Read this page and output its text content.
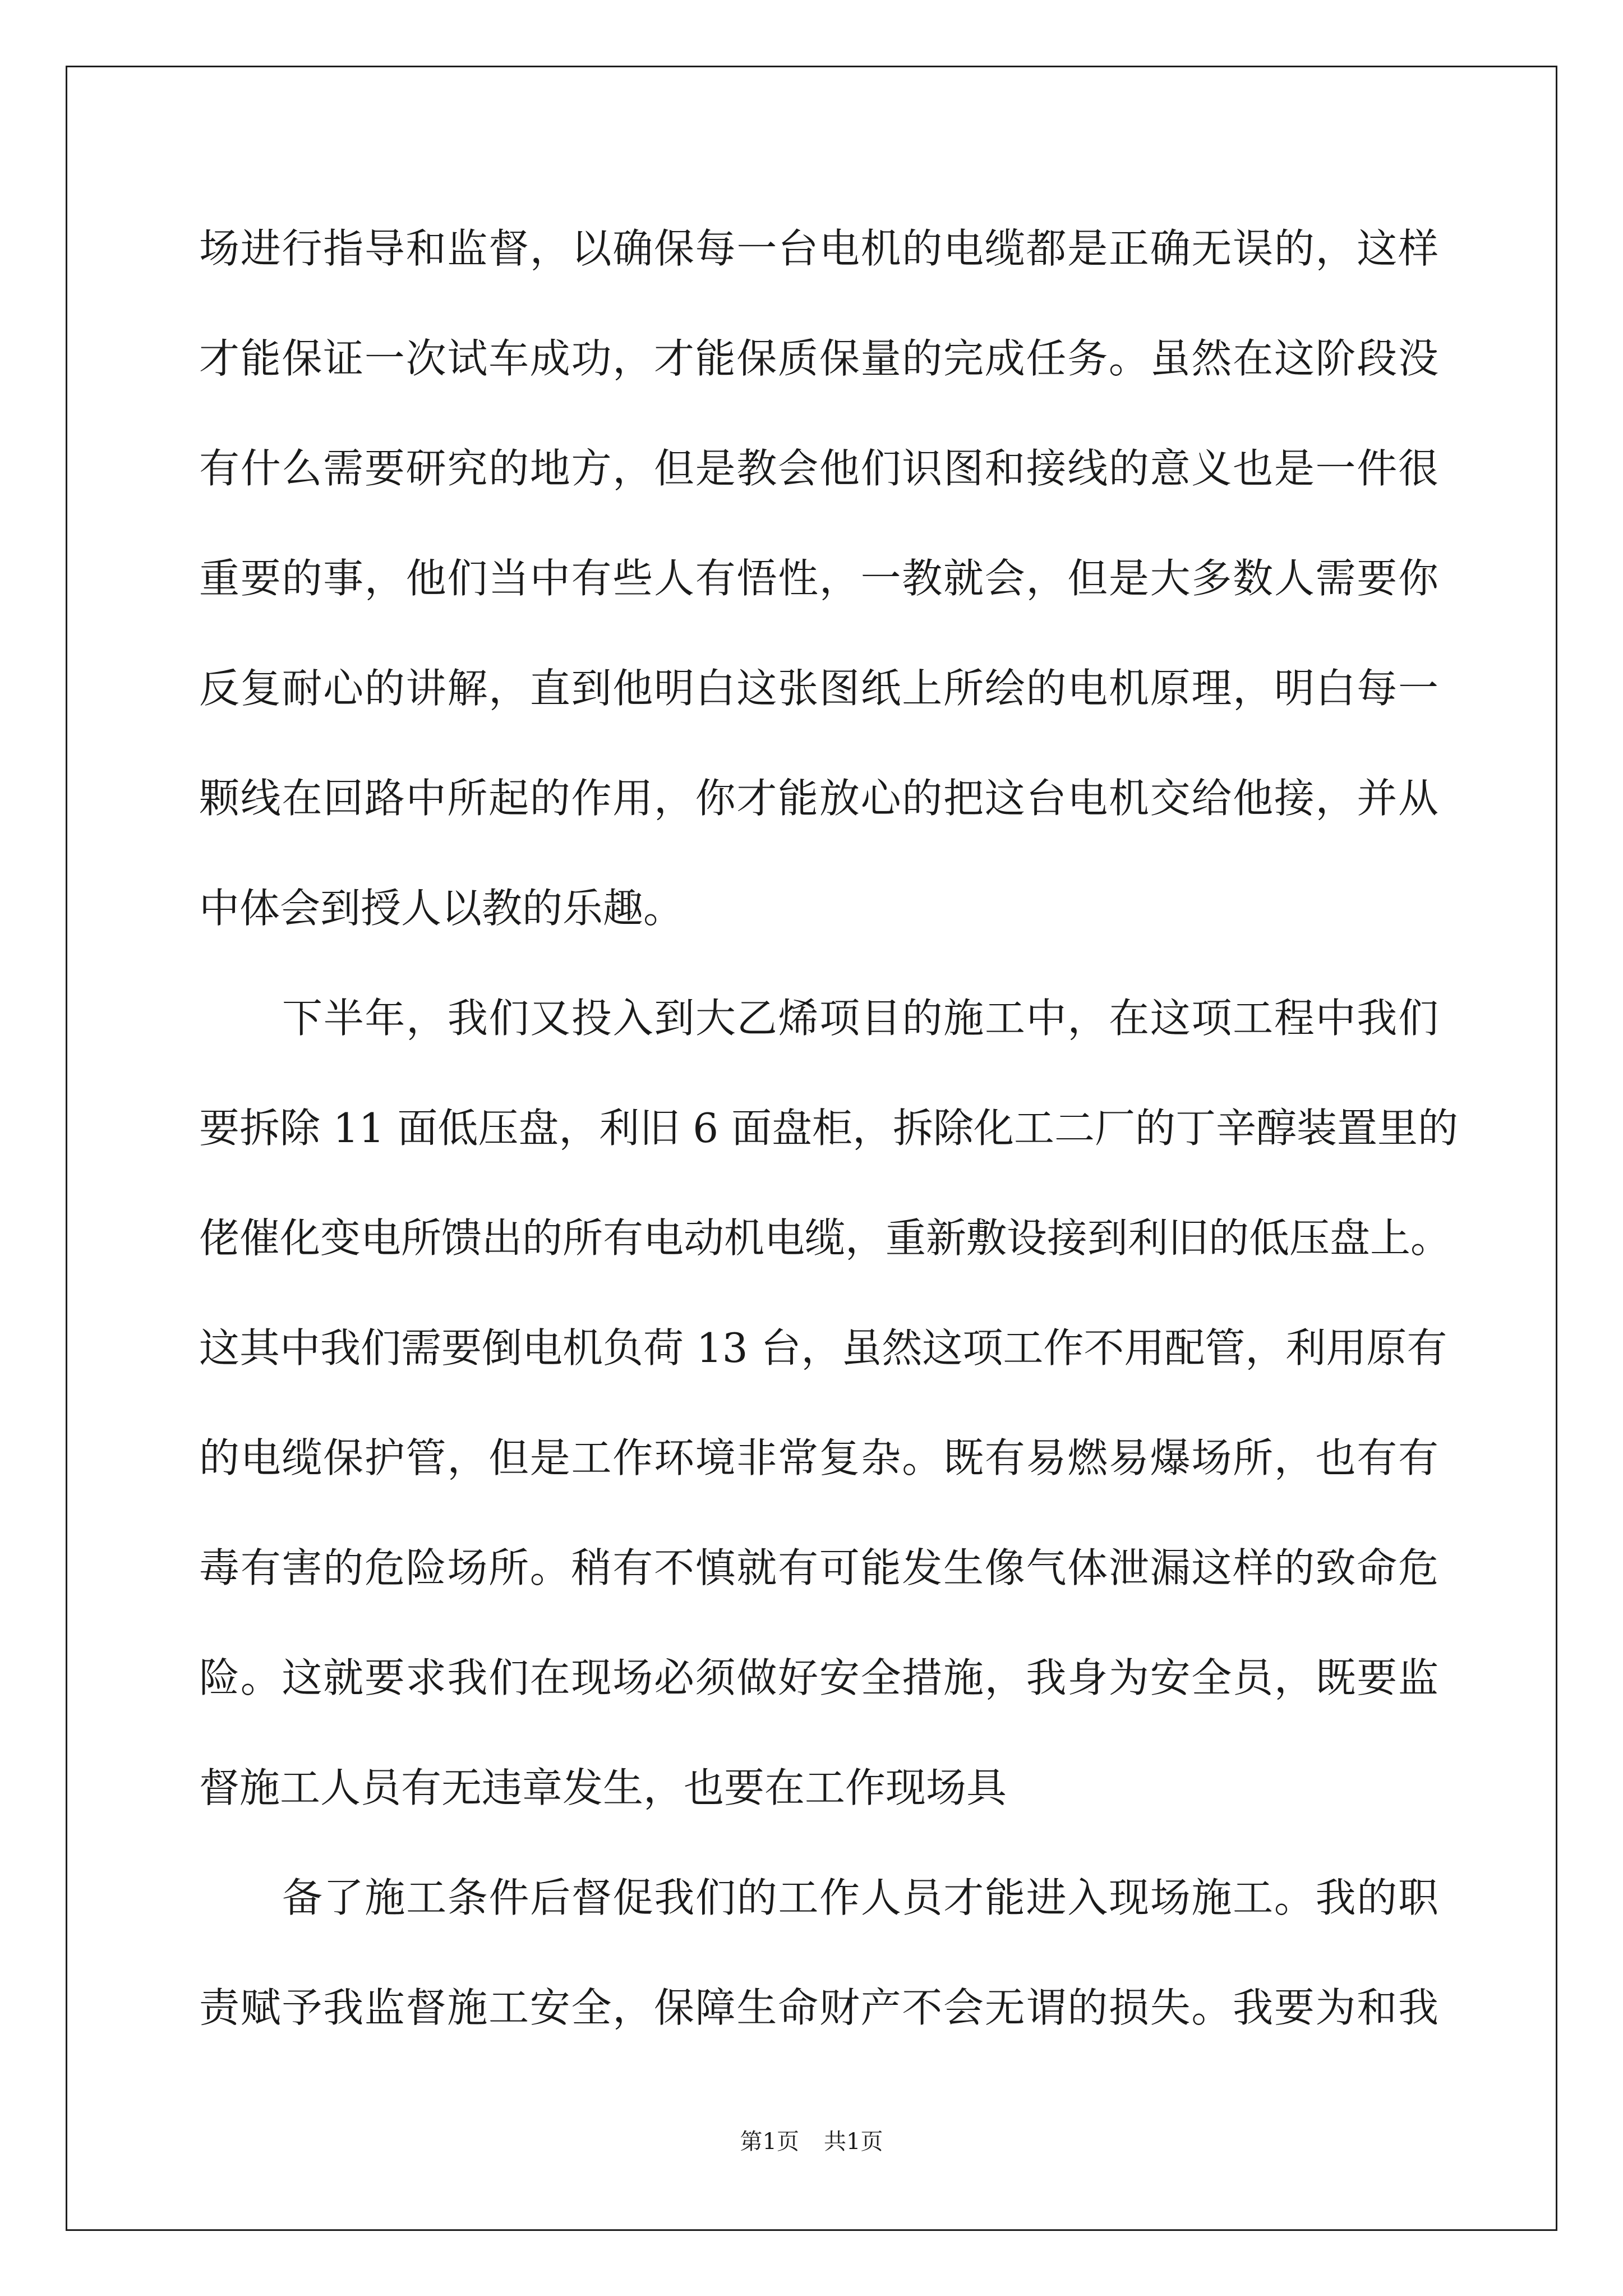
场进行指导和监督，以确保每一台电机的电缆都是正确无误的，这样
才能保证一次试车成功，才能保质保量的完成任务。虽然在这阶段没
有什么需要研究的地方，但是教会他们识图和接线的意义也是一件很
重要的事，他们当中有些人有悟性，一教就会，但是大多数人需要你
反复耐心的讲解，直到他明白这张图纸上所绘的电机原理，明白每一
颗线在回路中所起的作用，你才能放心的把这台电机交给他接，并从
中体会到授人以教的乐趣。
下半年，我们又投入到大乙烯项目的施工中，在这项工程中我们
要拆除 11 面低压盘，利旧 6 面盘柜，拆除化工二厂的丁辛醇装置里的
佬催化变电所馈出的所有电动机电缆，重新敷设接到利旧的低压盘上。
这其中我们需要倒电机负荷 13 台，虽然这项工作不用配管，利用原有
的电缆保护管，但是工作环境非常复杂。既有易燃易爆场所，也有有
毒有害的危险场所。稍有不慎就有可能发生像气体泄漏这样的致命危
险。这就要求我们在现场必须做好安全措施，我身为安全员，既要监
督施工人员有无违章发生，也要在工作现场具
备了施工条件后督促我们的工作人员才能进入现场施工。我的职
责赋予我监督施工安全，保障生命财产不会无谓的损失。我要为和我
第1页 共1页
